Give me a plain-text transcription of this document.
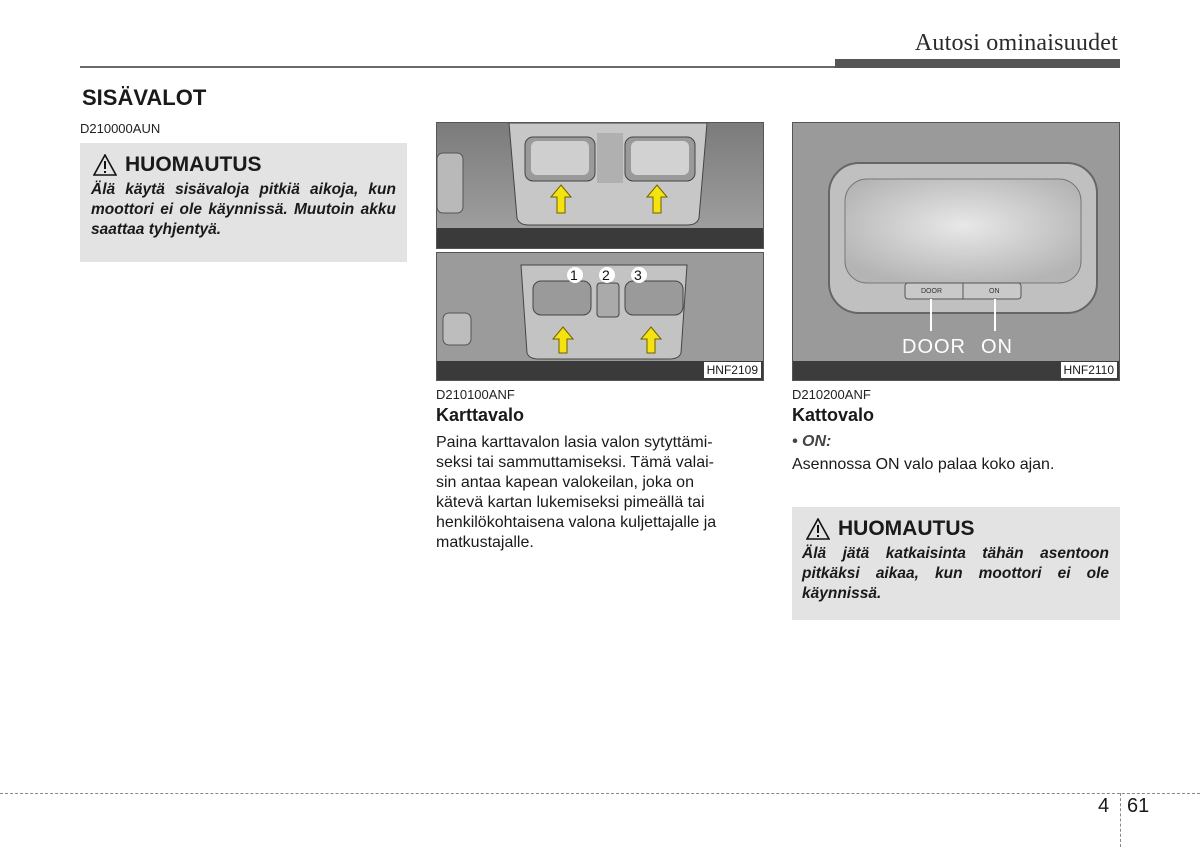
Autosi ominaisuudet
SISÄVALOT
D210000AUN
HUOMAUTUS
Älä käytä sisävaloja pitkiä aikoja, kun moottori ei ole käynnissä. Muutoin akku saattaa tyhjentyä.
1 2 3
HNF2109
D210100ANF
Karttavalo
Paina karttavalon lasia valon sytyttämi-
seksi tai sammuttamiseksi. Tämä valai-
sin antaa kapean valokeilan, joka on
kätevä kartan lukemiseksi pimeällä tai
henkilökohtaisena valona kuljettajalle ja
matkustajalle.
DOOR	ON
DOOR ON
HNF2110
D210200ANF
Kattovalo
• ON:
Asennossa ON valo palaa koko ajan.
HUOMAUTUS
Älä jätä katkaisinta tähän asentoon pitkäksi aikaa, kun moottori ei ole käynnissä.
4 61
